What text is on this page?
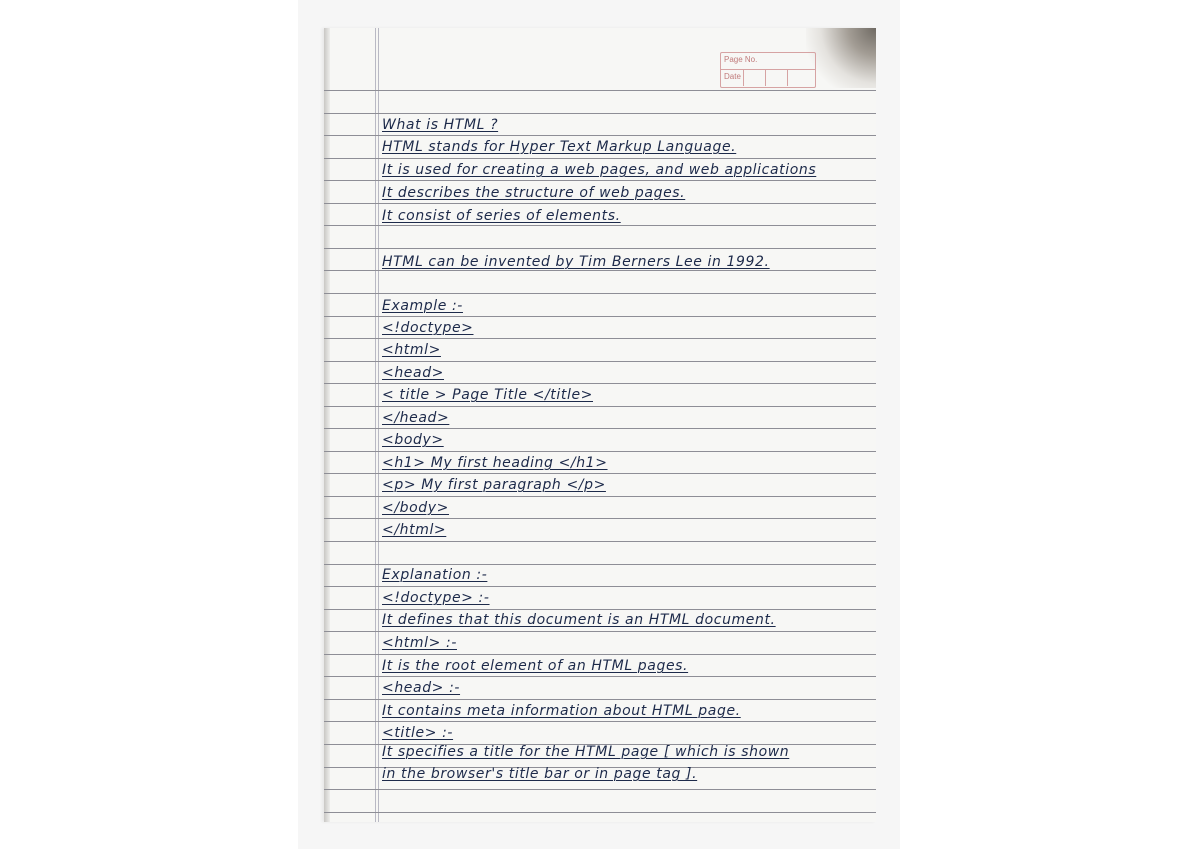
Page No.
Date
What is HTML ?
HTML stands for Hyper Text Markup Language.
It is used for creating a web pages, and web applications
It describes the structure of web pages.
It consist of series of elements.
HTML can be invented by Tim Berners Lee in 1992.
Example :-
<!doctype>
<html>
<head>
< title > Page Title </title>
</head>
<body>
<h1> My first heading </h1>
<p> My first paragraph </p>
</body>
</html>
Explanation :-
<!doctype> :-
It defines that this document is an HTML document.
<html> :-
It is the root element of an HTML pages.
<head> :-
It contains meta information about HTML page.
<title> :-
It specifies a title for the HTML page [ which is shown
in the browser's title bar or in page tag ].
